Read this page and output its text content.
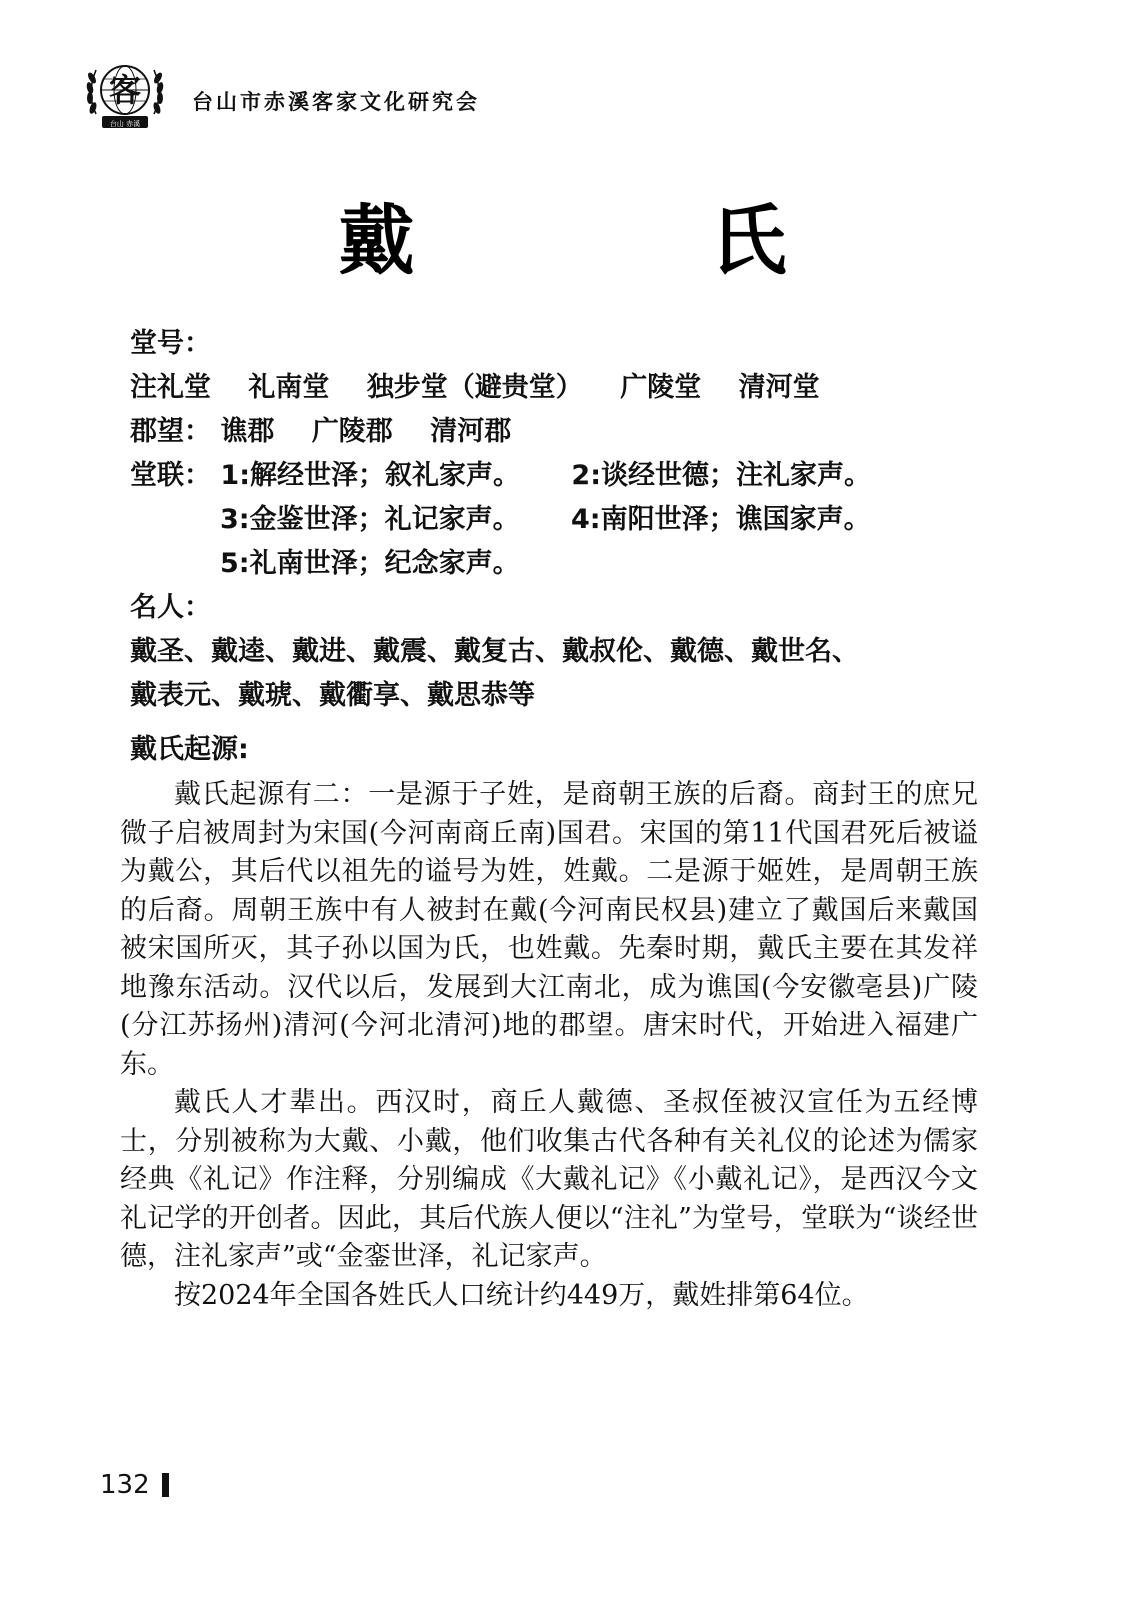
客
台山 赤溪
台山市赤溪客家文化研究会
戴　氏
堂号：
注礼堂 礼南堂 独步堂（避贵堂） 广陵堂 清河堂
郡望： 谯郡 广陵郡 清河郡
堂联： 1:解经世泽；叙礼家声。 2:谈经世德；注礼家声。
3:金鉴世泽；礼记家声。 4:南阳世泽；谯国家声。
5:礼南世泽；纪念家声。
名人：
戴圣、戴逵、戴进、戴震、戴复古、戴叔伦、戴德、戴世名、
戴表元、戴琥、戴衢享、戴思恭等
戴氏起源:

戴氏起源有二：一是源于子姓，是商朝王族的后裔。商封王的庶兄微子启被周封为宋国(今河南商丘南)国君。宋国的第11代国君死后被谥为戴公，其后代以祖先的谥号为姓，姓戴。二是源于姬姓，是周朝王族的后裔。周朝王族中有人被封在戴(今河南民权县)建立了戴国后来戴国被宋国所灭，其子孙以国为氏，也姓戴。先秦时期，戴氏主要在其发祥地豫东活动。汉代以后，发展到大江南北，成为谯国(今安徽亳县)广陵(分江苏扬州)清河(今河北清河)地的郡望。唐宋时代，开始进入福建广东。

戴氏人才辈出。西汉时，商丘人戴德、圣叔侄被汉宣任为五经博士，分别被称为大戴、小戴，他们收集古代各种有关礼仪的论述为儒家经典《礼记》作注释，分别编成《大戴礼记》《小戴礼记》，是西汉今文礼记学的开创者。因此，其后代族人便以“注礼”为堂号，堂联为“谈经世德，注礼家声”或“金銮世泽，礼记家声。

按2024年全国各姓氏人口统计约449万，戴姓排第64位。

132
